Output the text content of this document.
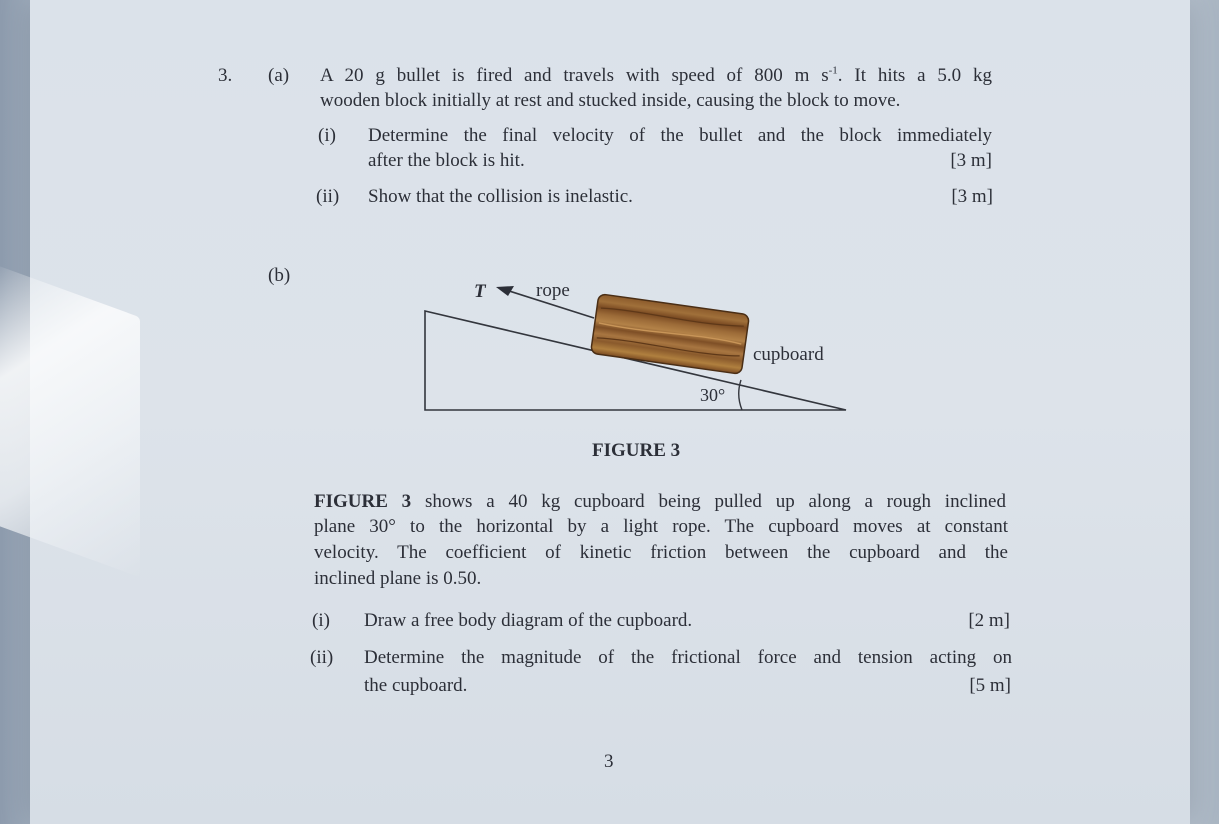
3. (a) A 20 g bullet is fired and travels with speed of 800 m $s^{-1}$. It hits a 5.0 kg
wooden block initially at rest and stucked inside, causing the block to move.
(i) Determine the final velocity of the bullet and the block immediately
after the block is hit.	[3 m]
(ii) Show that the collision is inelastic.	[3 m]
(b)
T	rope
cupboard
30°
FIGURE 3
FIGURE 3 shows a 40 kg cupboard being pulled up along a rough inclined
plane 30° to the horizontal by a light rope. The cupboard moves at constant
velocity. The coefficient of kinetic friction between the cupboard and the
inclined plane is 0.50.
(i) Draw a free body diagram of the cupboard.	[2 m]
(ii) Determine the magnitude of the frictional force and tension acting on
the cupboard.	[5 m]
3
